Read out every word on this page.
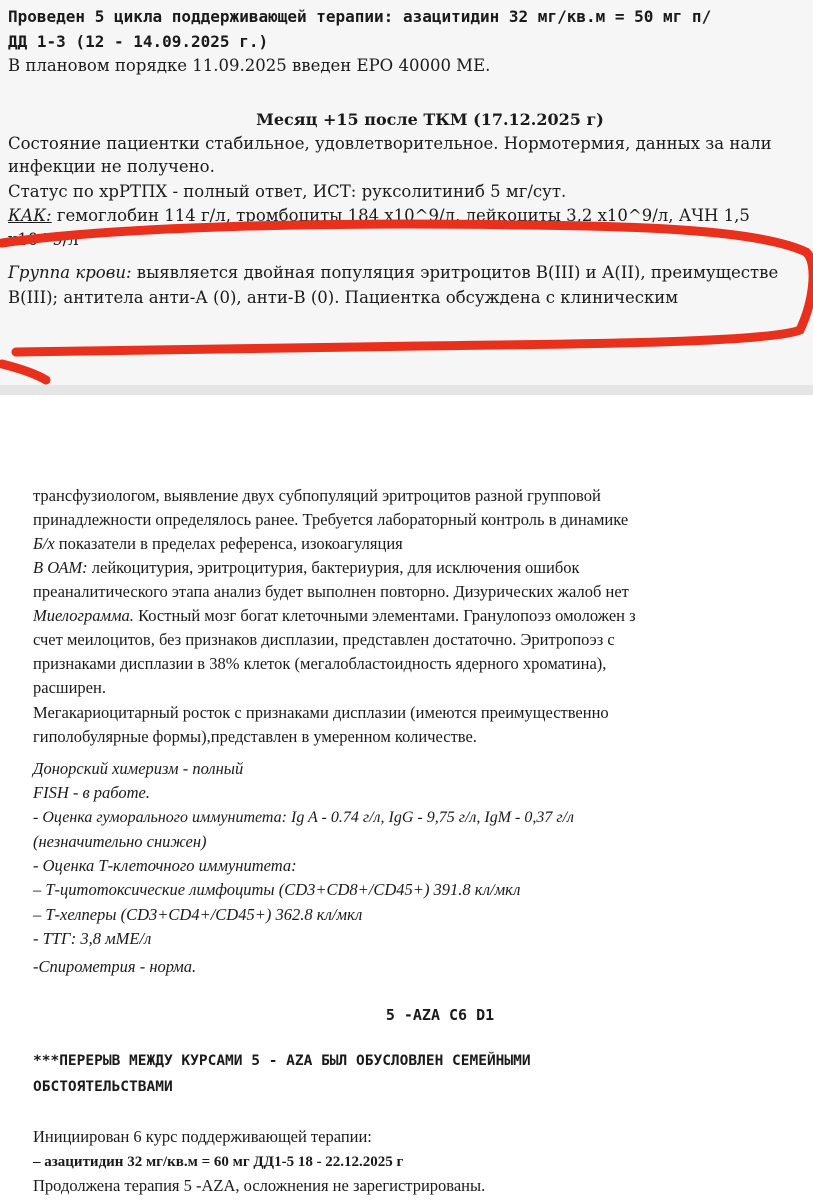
Проведен 5 цикла поддерживающей терапии: азацитидин 32 мг/кв.м = 50 мг п/
ДД 1-3 (12 - 14.09.2025 г.)
В плановом порядке 11.09.2025 введен ЕРО 40000 МЕ.
Месяц +15 после ТКМ (17.12.2025 г)
Состояние пациентки стабильное, удовлетворительное. Нормотермия, данных за нали
инфекции не получено.
Статус по хрРТПХ - полный ответ, ИСТ: руксолитиниб 5 мг/сут.
КАК: гемоглобин 114 г/л, тромбоциты 184 х10^9/л, лейкоциты 3,2 х10^9/л, АЧН 1,5
х10^9/л
Группа крови: выявляется двойная популяция эритроцитов В(III) и А(II), преимуществе
В(III); антитела анти-А (0), анти-В (0). Пациентка обсуждена с клиническим
трансфузиологом, выявление двух субпопуляций эритроцитов разной групповой
принадлежности определялось ранее. Требуется лабораторный контроль в динамике
Б/х показатели в пределах референса, изокоагуляция
В ОАМ: лейкоцитурия, эритроцитурия, бактериурия, для исключения ошибок
преаналитического этапа анализ будет выполнен повторно. Дизурических жалоб нет
Миелограмма. Костный мозг богат клеточными элементами. Гранулопоэз омоложен з
счет меилоцитов, без признаков дисплазии, представлен достаточно. Эритропоэз с
признаками дисплазии в 38% клеток (мегалобластоидность ядерного хроматина),
расширен.
Мегакариоцитарный росток с признаками дисплазии (имеются преимущественно
гиполобулярные формы),представлен в умеренном количестве.
Донорский химеризм - полный
FISH - в работе.
- Оценка гуморального иммунитета: Ig A - 0.74 г/л, IgG - 9,75 г/л, IgM - 0,37 г/л
(незначительно снижен)
- Оценка Т-клеточного иммунитета:
– Т-цитотоксические лимфоциты (CD3+CD8+/CD45+) 391.8 кл/мкл
– Т-хелперы (CD3+CD4+/CD45+) 362.8 кл/мкл
- ТТГ: 3,8 мМЕ/л
-Спирометрия - норма.
5 -AZA C6 D1
***ПЕРЕРЫВ МЕЖДУ КУРСАМИ 5 - AZA БЫЛ ОБУСЛОВЛЕН СЕМЕЙНЫМИ
ОБСТОЯТЕЛЬСТВАМИ
Инициирован 6 курс поддерживающей терапии:
– азацитидин 32 мг/кв.м = 60 мг ДД1-5 18 - 22.12.2025 г
Продолжена терапия 5 -AZA, осложнения не зарегистрированы.
